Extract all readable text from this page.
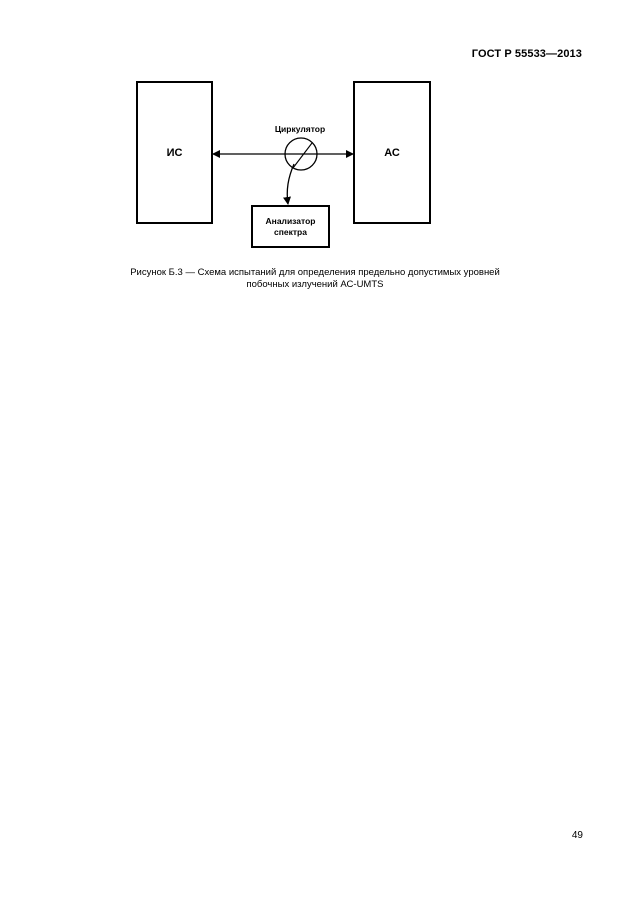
ГОСТ Р 55533—2013
ИС	АС
Циркулятор
Анализатор
спектра
Рисунок Б.3 — Схема испытаний для определения предельно допустимых уровней
побочных излучений АС-UMTS
49
